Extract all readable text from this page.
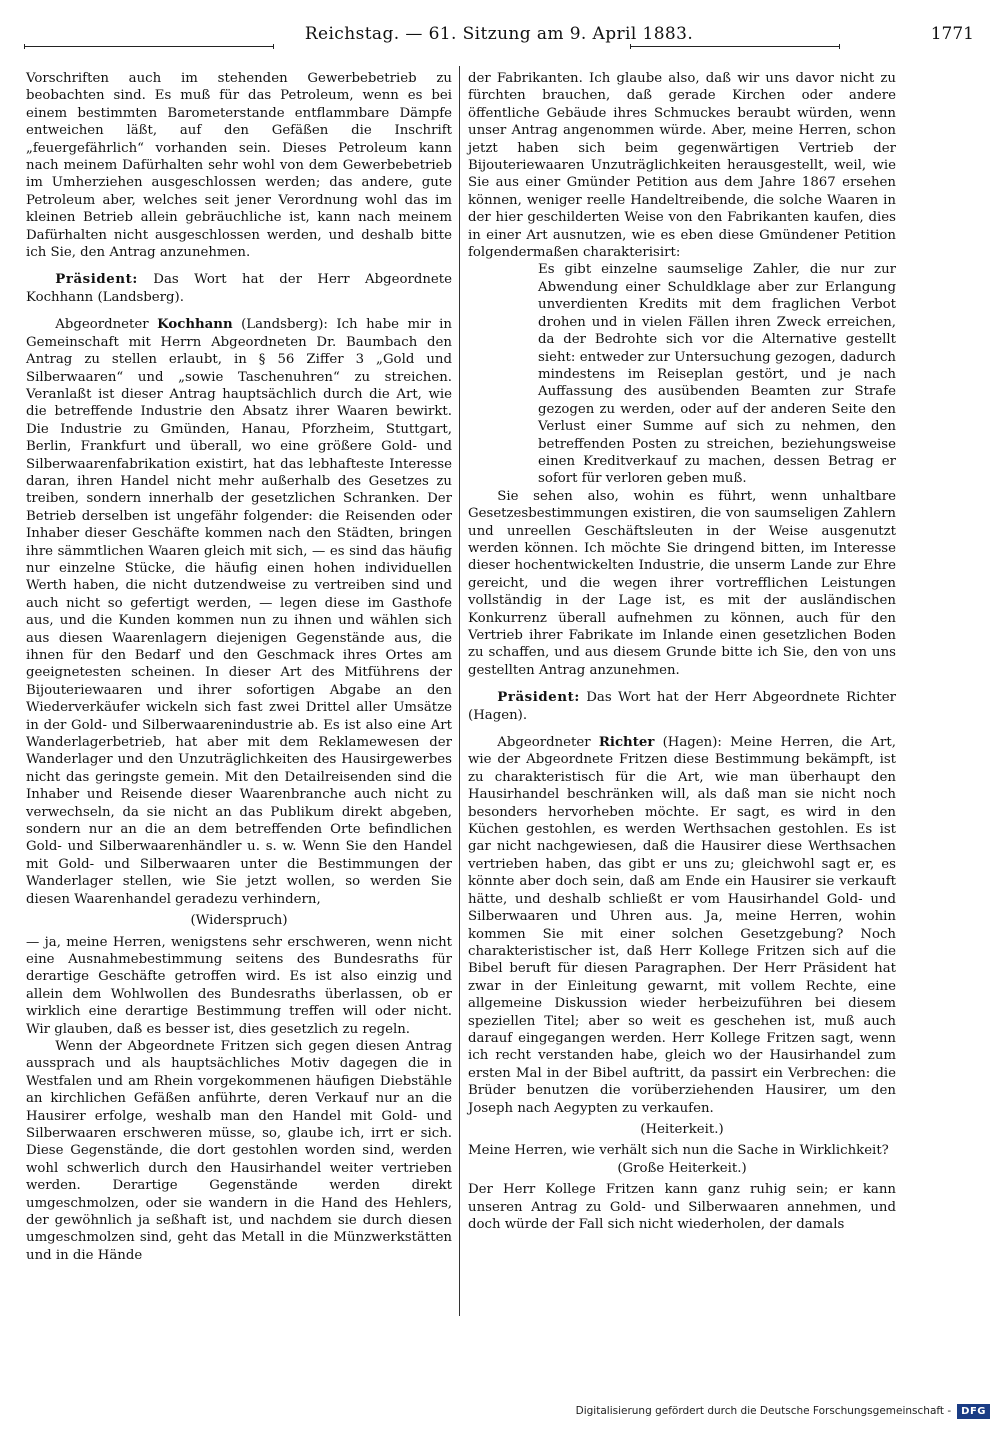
Reichstag. — 61. Sitzung am 9. April 1883.	1771

Vorschriften auch im stehenden Gewerbebetrieb zu beobachten sind. Es muß für das Petroleum, wenn es bei einem bestimmten Barometerstande entflammbare Dämpfe entweichen läßt, auf den Gefäßen die Inschrift „feuergefährlich“ vorhanden sein. Dieses Petroleum kann nach meinem Dafürhalten sehr wohl von dem Gewerbebetrieb im Umherziehen ausgeschlossen werden; das andere, gute Petroleum aber, welches seit jener Verordnung wohl das im kleinen Betrieb allein gebräuchliche ist, kann nach meinem Dafürhalten nicht ausgeschlossen werden, und deshalb bitte ich Sie, den Antrag anzunehmen.

Präsident: Das Wort hat der Herr Abgeordnete Kochhann (Landsberg).

Abgeordneter Kochhann (Landsberg): Ich habe mir in Gemeinschaft mit Herrn Abgeordneten Dr. Baumbach den Antrag zu stellen erlaubt, in § 56 Ziffer 3 „Gold und Silberwaaren“ und „sowie Taschenuhren“ zu streichen. Veranlaßt ist dieser Antrag hauptsächlich durch die Art, wie die betreffende Industrie den Absatz ihrer Waaren bewirkt. Die Industrie zu Gmünden, Hanau, Pforzheim, Stuttgart, Berlin, Frankfurt und überall, wo eine größere Gold- und Silberwaarenfabrikation existirt, hat das lebhafteste Interesse daran, ihren Handel nicht mehr außerhalb des Gesetzes zu treiben, sondern innerhalb der gesetzlichen Schranken. Der Betrieb derselben ist ungefähr folgender: die Reisenden oder Inhaber dieser Geschäfte kommen nach den Städten, bringen ihre sämmtlichen Waaren gleich mit sich, — es sind das häufig nur einzelne Stücke, die häufig einen hohen individuellen Werth haben, die nicht dutzendweise zu vertreiben sind und auch nicht so gefertigt werden, — legen diese im Gasthofe aus, und die Kunden kommen nun zu ihnen und wählen sich aus diesen Waarenlagern diejenigen Gegenstände aus, die ihnen für den Bedarf und den Geschmack ihres Ortes am geeignetesten scheinen. In dieser Art des Mitführens der Bijouteriewaaren und ihrer sofortigen Abgabe an den Wiederverkäufer wickeln sich fast zwei Drittel aller Umsätze in der Gold- und Silberwaarenindustrie ab. Es ist also eine Art Wanderlagerbetrieb, hat aber mit dem Reklamewesen der Wanderlager und den Unzuträglichkeiten des Hausirgewerbes nicht das geringste gemein. Mit den Detailreisenden sind die Inhaber und Reisende dieser Waarenbranche auch nicht zu verwechseln, da sie nicht an das Publikum direkt abgeben, sondern nur an die an dem betreffenden Orte befindlichen Gold- und Silberwaarenhändler u. s. w. Wenn Sie den Handel mit Gold- und Silberwaaren unter die Bestimmungen der Wanderlager stellen, wie Sie jetzt wollen, so werden Sie diesen Waarenhandel geradezu verhindern,

(Widerspruch)

— ja, meine Herren, wenigstens sehr erschweren, wenn nicht eine Ausnahmebestimmung seitens des Bundesraths für derartige Geschäfte getroffen wird. Es ist also einzig und allein dem Wohlwollen des Bundesraths überlassen, ob er wirklich eine derartige Bestimmung treffen will oder nicht. Wir glauben, daß es besser ist, dies gesetzlich zu regeln.

Wenn der Abgeordnete Fritzen sich gegen diesen Antrag aussprach und als hauptsächliches Motiv dagegen die in Westfalen und am Rhein vorgekommenen häufigen Diebstähle an kirchlichen Gefäßen anführte, deren Verkauf nur an die Hausirer erfolge, weshalb man den Handel mit Gold- und Silberwaaren erschweren müsse, so, glaube ich, irrt er sich. Diese Gegenstände, die dort gestohlen worden sind, werden wohl schwerlich durch den Hausirhandel weiter vertrieben werden. Derartige Gegenstände werden direkt umgeschmolzen, oder sie wandern in die Hand des Hehlers, der gewöhnlich ja seßhaft ist, und nachdem sie durch diesen umgeschmolzen sind, geht das Metall in die Münzwerkstätten und in die Hände

der Fabrikanten. Ich glaube also, daß wir uns davor nicht zu fürchten brauchen, daß gerade Kirchen oder andere öffentliche Gebäude ihres Schmuckes beraubt würden, wenn unser Antrag angenommen würde. Aber, meine Herren, schon jetzt haben sich beim gegenwärtigen Vertrieb der Bijouteriewaaren Unzuträglichkeiten herausgestellt, weil, wie Sie aus einer Gmünder Petition aus dem Jahre 1867 ersehen können, weniger reelle Handeltreibende, die solche Waaren in der hier geschilderten Weise von den Fabrikanten kaufen, dies in einer Art ausnutzen, wie es eben diese Gmündener Petition folgendermaßen charakterisirt:

Es gibt einzelne saumselige Zahler, die nur zur Abwendung einer Schuldklage aber zur Erlangung unverdienten Kredits mit dem fraglichen Verbot drohen und in vielen Fällen ihren Zweck erreichen, da der Bedrohte sich vor die Alternative gestellt sieht: entweder zur Untersuchung gezogen, dadurch mindestens im Reiseplan gestört, und je nach Auffassung des ausübenden Beamten zur Strafe gezogen zu werden, oder auf der anderen Seite den Verlust einer Summe auf sich zu nehmen, den betreffenden Posten zu streichen, beziehungsweise einen Kreditverkauf zu machen, dessen Betrag er sofort für verloren geben muß.

Sie sehen also, wohin es führt, wenn unhaltbare Gesetzesbestimmungen existiren, die von saumseligen Zahlern und unreellen Geschäftsleuten in der Weise ausgenutzt werden können. Ich möchte Sie dringend bitten, im Interesse dieser hochentwickelten Industrie, die unserm Lande zur Ehre gereicht, und die wegen ihrer vortrefflichen Leistungen vollständig in der Lage ist, es mit der ausländischen Konkurrenz überall aufnehmen zu können, auch für den Vertrieb ihrer Fabrikate im Inlande einen gesetzlichen Boden zu schaffen, und aus diesem Grunde bitte ich Sie, den von uns gestellten Antrag anzunehmen.

Präsident: Das Wort hat der Herr Abgeordnete Richter (Hagen).

Abgeordneter Richter (Hagen): Meine Herren, die Art, wie der Abgeordnete Fritzen diese Bestimmung bekämpft, ist zu charakteristisch für die Art, wie man überhaupt den Hausirhandel beschränken will, als daß man sie nicht noch besonders hervorheben möchte. Er sagt, es wird in den Küchen gestohlen, es werden Werthsachen gestohlen. Es ist gar nicht nachgewiesen, daß die Hausirer diese Werthsachen vertrieben haben, das gibt er uns zu; gleichwohl sagt er, es könnte aber doch sein, daß am Ende ein Hausirer sie verkauft hätte, und deshalb schließt er vom Hausirhandel Gold- und Silberwaaren und Uhren aus. Ja, meine Herren, wohin kommen Sie mit einer solchen Gesetzgebung? Noch charakteristischer ist, daß Herr Kollege Fritzen sich auf die Bibel beruft für diesen Paragraphen. Der Herr Präsident hat zwar in der Einleitung gewarnt, mit vollem Rechte, eine allgemeine Diskussion wieder herbeizuführen bei diesem speziellen Titel; aber so weit es geschehen ist, muß auch darauf eingegangen werden. Herr Kollege Fritzen sagt, wenn ich recht verstanden habe, gleich wo der Hausirhandel zum ersten Mal in der Bibel auftritt, da passirt ein Verbrechen: die Brüder benutzen die vorüberziehenden Hausirer, um den Joseph nach Aegypten zu verkaufen.

(Heiterkeit.)

Meine Herren, wie verhält sich nun die Sache in Wirklichkeit?

(Große Heiterkeit.)

Der Herr Kollege Fritzen kann ganz ruhig sein; er kann unseren Antrag zu Gold- und Silberwaaren annehmen, und doch würde der Fall sich nicht wiederholen, der damals

Digitalisierung gefördert durch die Deutsche Forschungsgemeinschaft -	DFG
